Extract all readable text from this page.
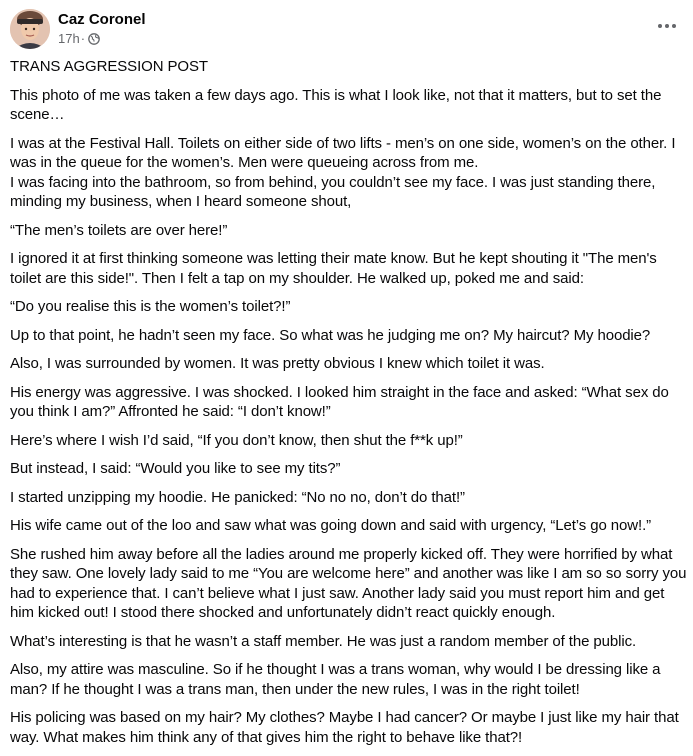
Caz Coronel
17h ·

TRANS AGGRESSION POST

This photo of me was taken a few days ago. This is what I look like, not that it matters, but to set the scene…

I was at the Festival Hall. Toilets on either side of two lifts - men’s on one side, women’s on the other. I was in the queue for the women’s. Men were queueing across from me.
I was facing into the bathroom, so from behind, you couldn’t see my face. I was just standing there, minding my business, when I heard someone shout,

“The men’s toilets are over here!”

I ignored it at first thinking someone was letting their mate know. But he kept shouting it "The men's toilet are this side!". Then I felt a tap on my shoulder. He walked up, poked me and said:

“Do you realise this is the women’s toilet?!”

Up to that point, he hadn’t seen my face. So what was he judging me on? My haircut? My hoodie?

Also, I was surrounded by women. It was pretty obvious I knew which toilet it was.

His energy was aggressive. I was shocked. I looked him straight in the face and asked: “What sex do you think I am?” Affronted he said: “I don’t know!”

Here’s where I wish I’d said, “If you don’t know, then shut the f**k up!”

But instead, I said: “Would you like to see my tits?”

I started unzipping my hoodie. He panicked: “No no no, don’t do that!”

His wife came out of the loo and saw what was going down and said with urgency, “Let’s go now!.”

She rushed him away before all the ladies around me properly kicked off. They were horrified by what they saw. One lovely lady said to me “You are welcome here” and another was like I am so so sorry you had to experience that. I can’t believe what I just saw. Another lady said you must report him and get him kicked out! I stood there shocked and unfortunately didn’t react quickly enough.

What’s interesting is that he wasn’t a staff member. He was just a random member of the public.

Also, my attire was masculine. So if he thought I was a trans woman, why would I be dressing like a man? If he thought I was a trans man, then under the new rules, I was in the right toilet!

His policing was based on my hair? My clothes? Maybe I had cancer? Or maybe I just like my hair that way. What makes him think any of that gives him the right to behave like that?!
